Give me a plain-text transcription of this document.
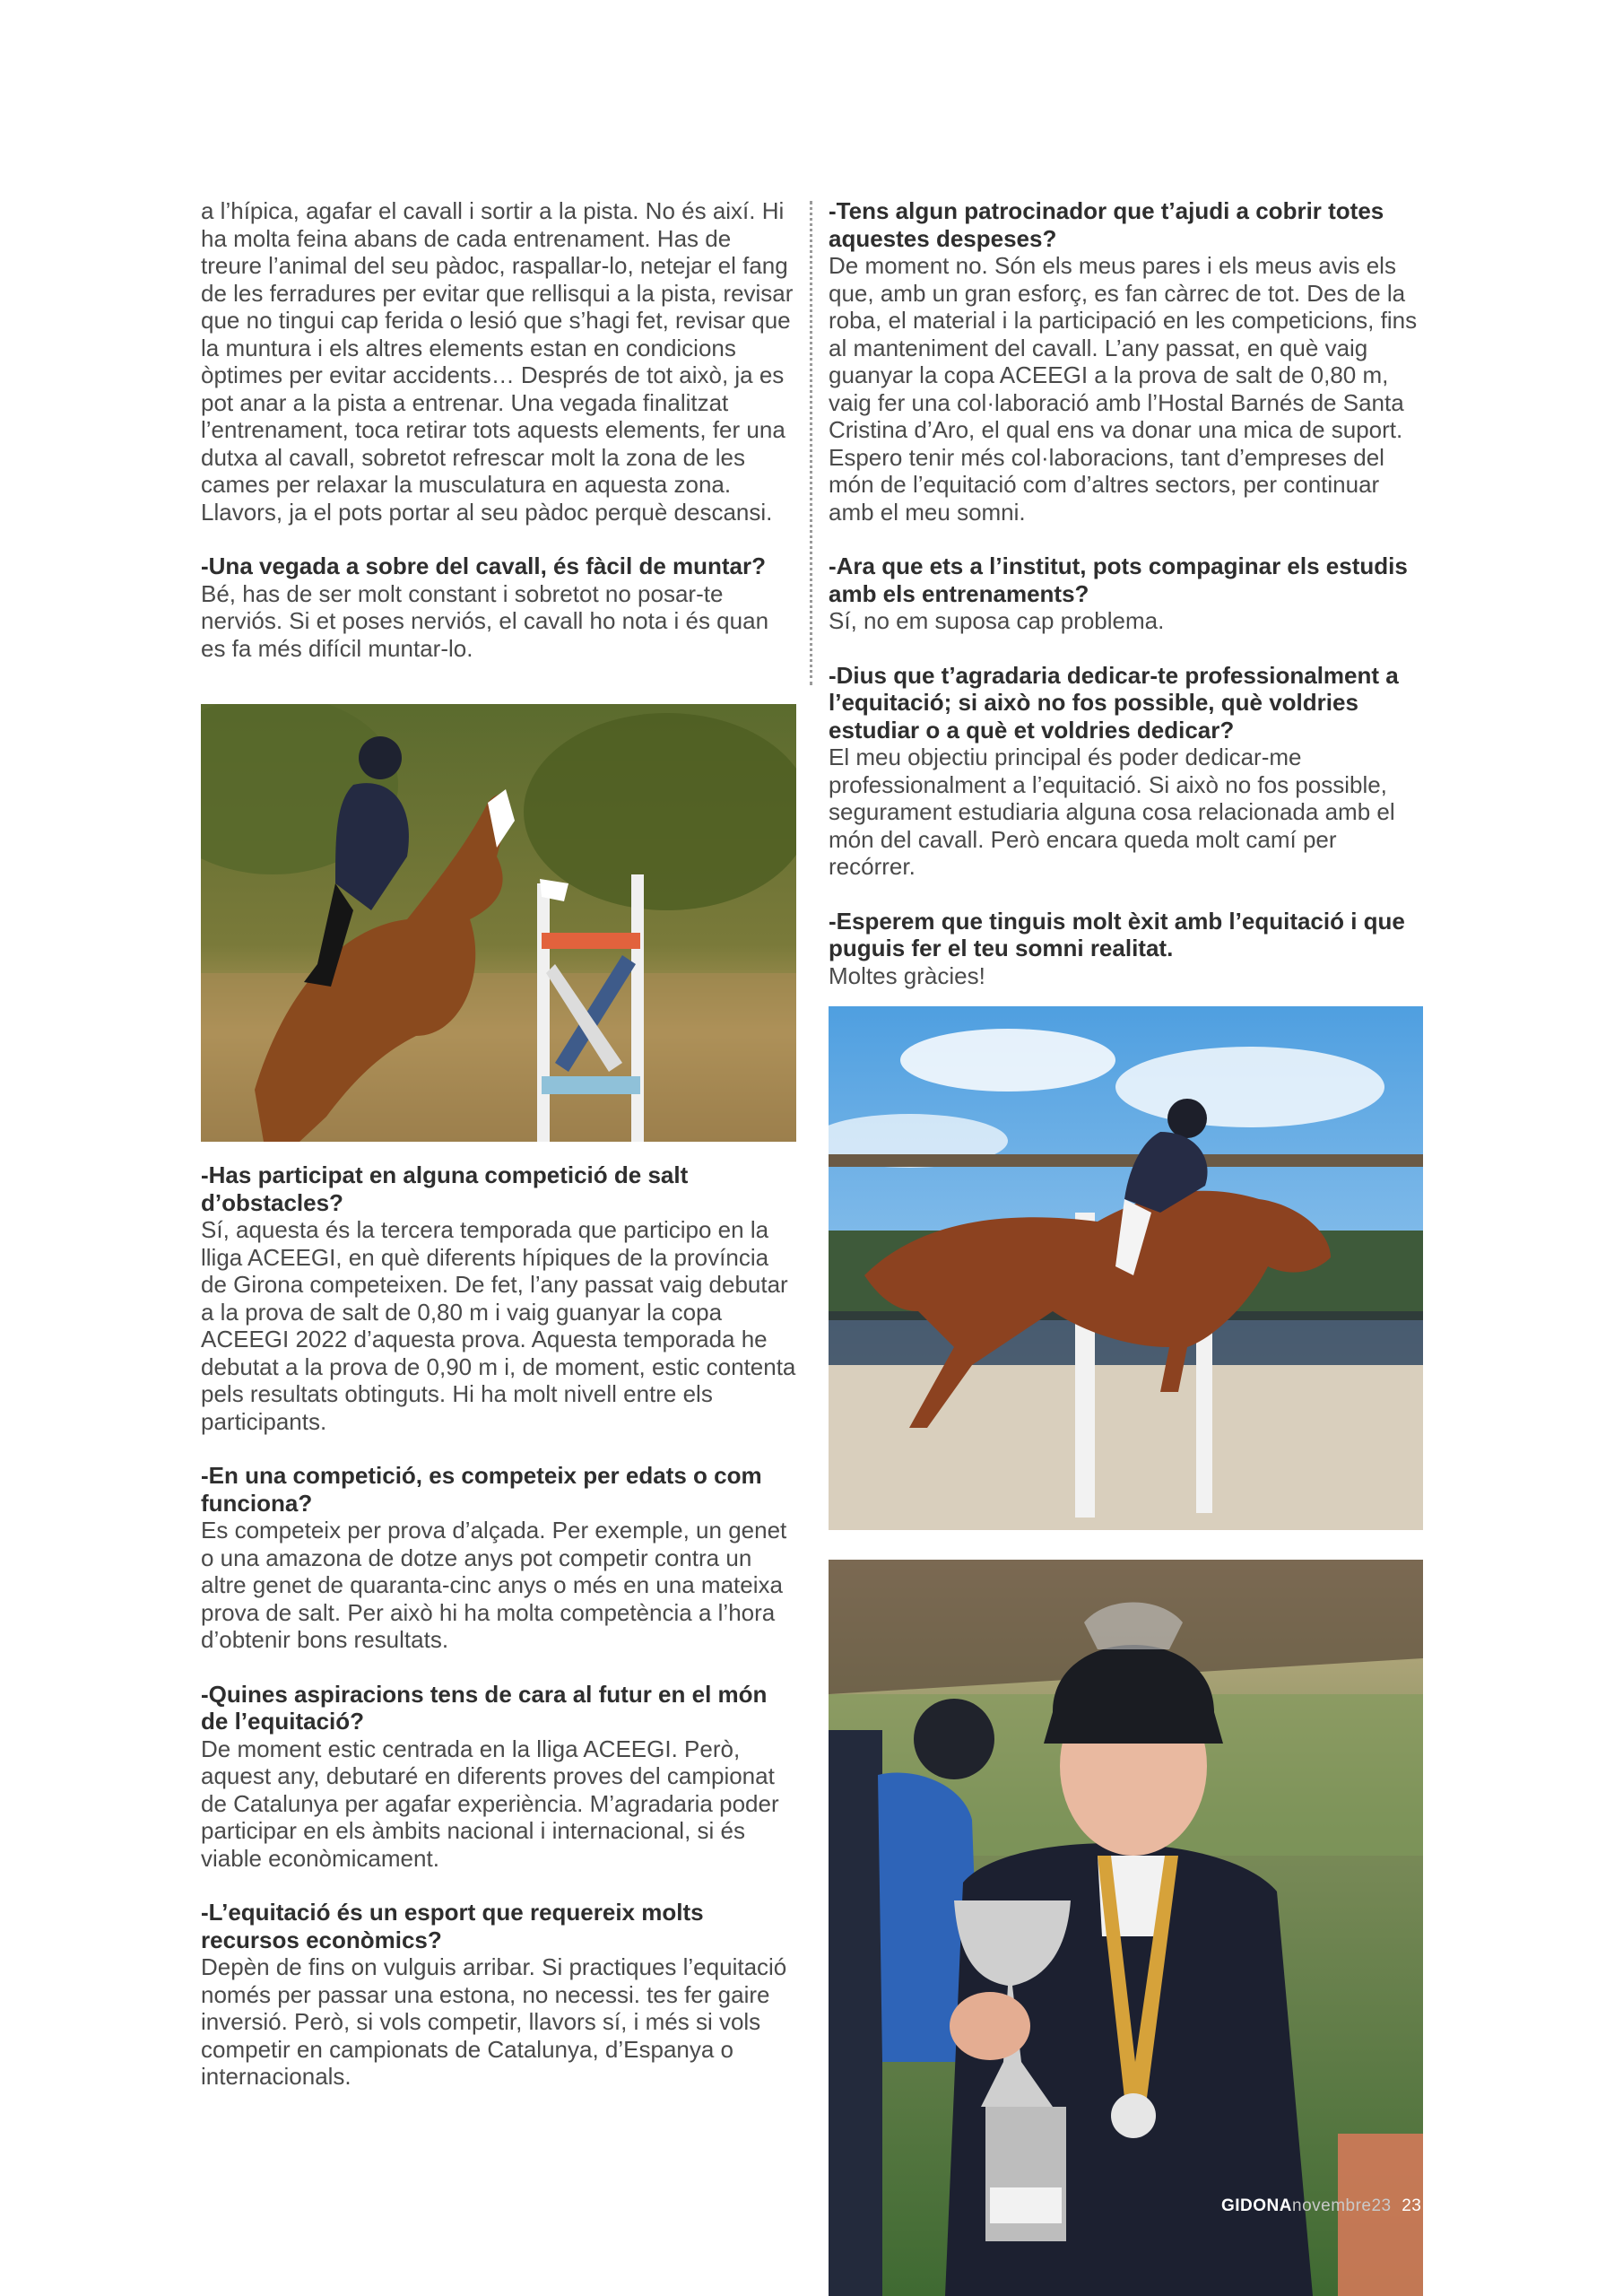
a l’hípica, agafar el cavall i sortir a la pista. No és així. Hi ha molta feina abans de cada entrenament. Has de treure l’animal del seu pàdoc, raspallar-lo, netejar el fang de les ferradures per evitar que rellisqui a la pista, revisar que no tingui cap ferida o lesió que s’hagi fet, revisar que la muntura i els altres elements estan en condicions òptimes per evitar accidents… Després de tot això, ja es pot anar a la pista a entrenar. Una vegada finalitzat l’entrenament, toca retirar tots aquests elements, fer una dutxa al cavall, sobretot refrescar molt la zona de les cames per relaxar la musculatura en aquesta zona. Llavors, ja el pots portar al seu pàdoc perquè descansi.

-Una vegada a sobre del cavall, és fàcil de muntar?

Bé, has de ser molt constant i sobretot no posar-te nerviós. Si et poses nerviós, el cavall ho nota i és quan es fa més difícil muntar-lo.

-Has participat en alguna competició de salt d’obstacles?

Sí, aquesta és la tercera temporada que participo en la lliga ACEEGI, en què diferents hípiques de la província de Girona competeixen. De fet, l’any passat vaig debutar a la prova de salt de 0,80 m i vaig guanyar la copa ACEEGI 2022 d’aquesta prova. Aquesta temporada he debutat a la prova de 0,90 m i, de moment, estic contenta pels resultats obtinguts. Hi ha molt nivell entre els participants.

-En una competició, es competeix per edats o com funciona?

Es competeix per prova d’alçada. Per exemple, un genet o una amazona de dotze anys pot competir contra un altre genet de quaranta-cinc anys o més en una mateixa prova de salt. Per això hi ha molta competència a l’hora d’obtenir bons resultats.

-Quines aspiracions tens de cara al futur en el món de l’equitació?

De moment estic centrada en la lliga ACEEGI. Però, aquest any, debutaré en diferents proves del campionat de Catalunya per agafar experiència. M’agradaria poder participar en els àmbits nacional i internacional, si és viable econòmicament.

-L’equitació és un esport que requereix molts recursos econòmics?

Depèn de fins on vulguis arribar. Si practiques l’equitació només per passar una estona, no necessi. tes fer gaire inversió. Però, si vols competir, llavors sí, i més si vols competir en campionats de Catalunya, d’Espanya o internacionals.

-Tens algun patrocinador que t’ajudi a cobrir totes aquestes despeses?

De moment no. Són els meus pares i els meus avis els que, amb un gran esforç, es fan càrrec de tot. Des de la roba, el material i la participació en les competicions, fins al manteniment del cavall. L’any passat, en què vaig guanyar la copa ACEEGI a la prova de salt de 0,80 m, vaig fer una col·laboració amb l’Hostal Barnés de Santa Cristina d’Aro, el qual ens va donar una mica de suport. Espero tenir més col·laboracions, tant d’empreses del món de l’equitació com d’altres sectors, per continuar amb el meu somni.

-Ara que ets a l’institut, pots compaginar els estudis amb els entrenaments?

Sí, no em suposa cap problema.

-Dius que t’agradaria dedicar-te professionalment a l’equitació; si això no fos possible, què voldries estudiar o a què et voldries dedicar?

El meu objectiu principal és poder dedicar-me professionalment a l’equitació. Si això no fos possible, segurament estudiaria alguna cosa relacionada amb el món del cavall. Però encara queda molt camí per recórrer.

-Esperem que tinguis molt èxit amb l’equitació i que puguis fer el teu somni realitat.

Moltes gràcies!

GIDONAnovembre23 23
